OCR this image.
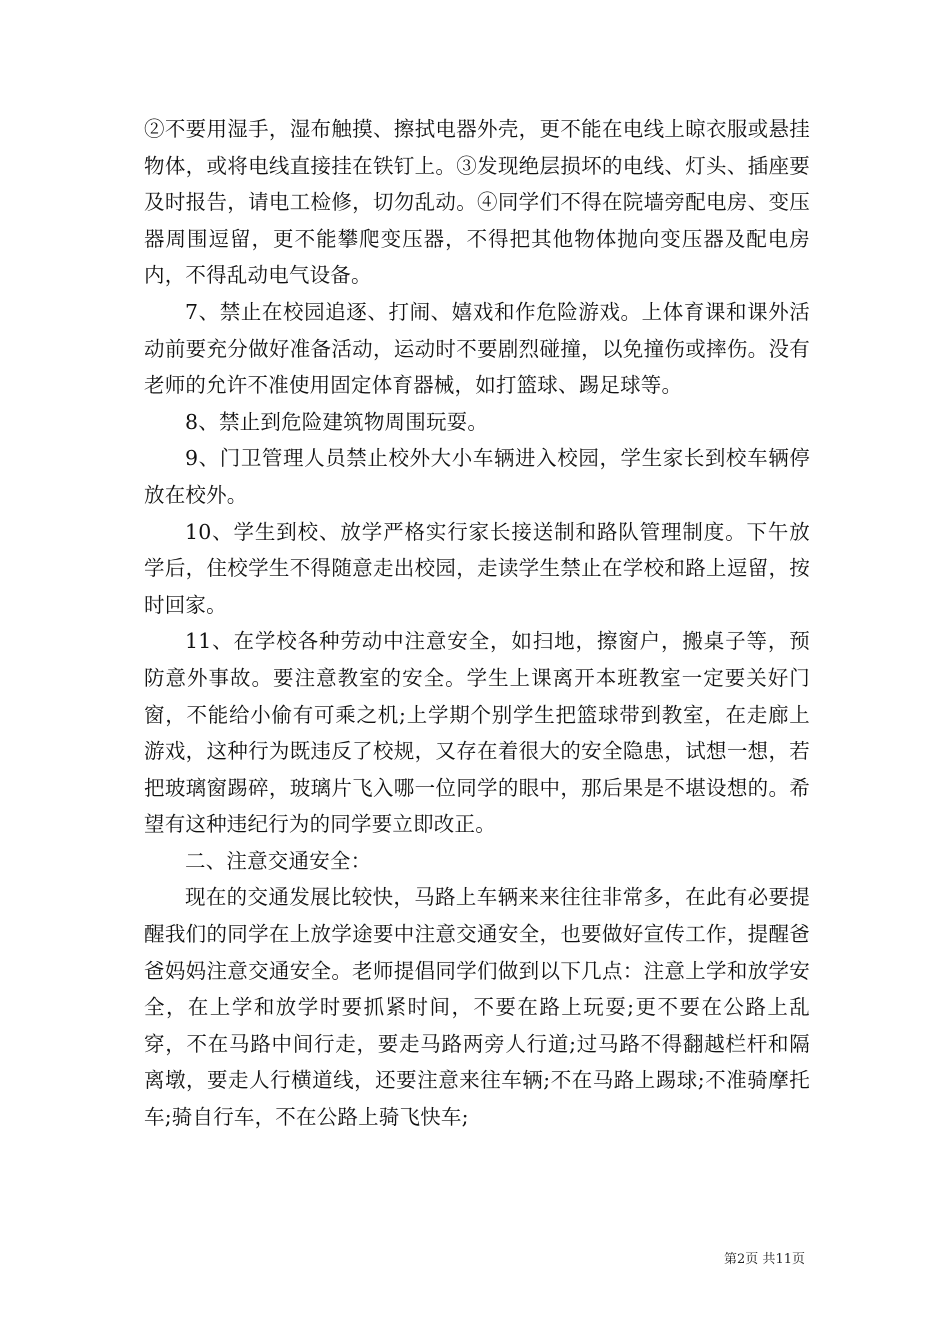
②不要用湿手，湿布触摸、擦拭电器外壳，更不能在电线上晾衣服或悬挂物体，或将电线直接挂在铁钉上。③发现绝层损坏的电线、灯头、插座要及时报告，请电工检修，切勿乱动。④同学们不得在院墙旁配电房、变压器周围逗留，更不能攀爬变压器，不得把其他物体抛向变压器及配电房内，不得乱动电气设备。

7、禁止在校园追逐、打闹、嬉戏和作危险游戏。上体育课和课外活动前要充分做好准备活动，运动时不要剧烈碰撞，以免撞伤或摔伤。没有老师的允许不准使用固定体育器械，如打篮球、踢足球等。

8、禁止到危险建筑物周围玩耍。

9、门卫管理人员禁止校外大小车辆进入校园，学生家长到校车辆停放在校外。

10、学生到校、放学严格实行家长接送制和路队管理制度。下午放学后，住校学生不得随意走出校园，走读学生禁止在学校和路上逗留，按时回家。

11、在学校各种劳动中注意安全，如扫地，擦窗户，搬桌子等，预防意外事故。要注意教室的安全。学生上课离开本班教室一定要关好门窗，不能给小偷有可乘之机;上学期个别学生把篮球带到教室，在走廊上游戏，这种行为既违反了校规，又存在着很大的安全隐患，试想一想，若把玻璃窗踢碎，玻璃片飞入哪一位同学的眼中，那后果是不堪设想的。希望有这种违纪行为的同学要立即改正。

二、注意交通安全：

现在的交通发展比较快，马路上车辆来来往往非常多，在此有必要提醒我们的同学在上放学途要中注意交通安全，也要做好宣传工作，提醒爸爸妈妈注意交通安全。老师提倡同学们做到以下几点：注意上学和放学安全，在上学和放学时要抓紧时间，不要在路上玩耍;更不要在公路上乱穿，不在马路中间行走，要走马路两旁人行道;过马路不得翻越栏杆和隔离墩，要走人行横道线，还要注意来往车辆;不在马路上踢球;不准骑摩托车;骑自行车，不在公路上骑飞快车;

第2页 共11页
